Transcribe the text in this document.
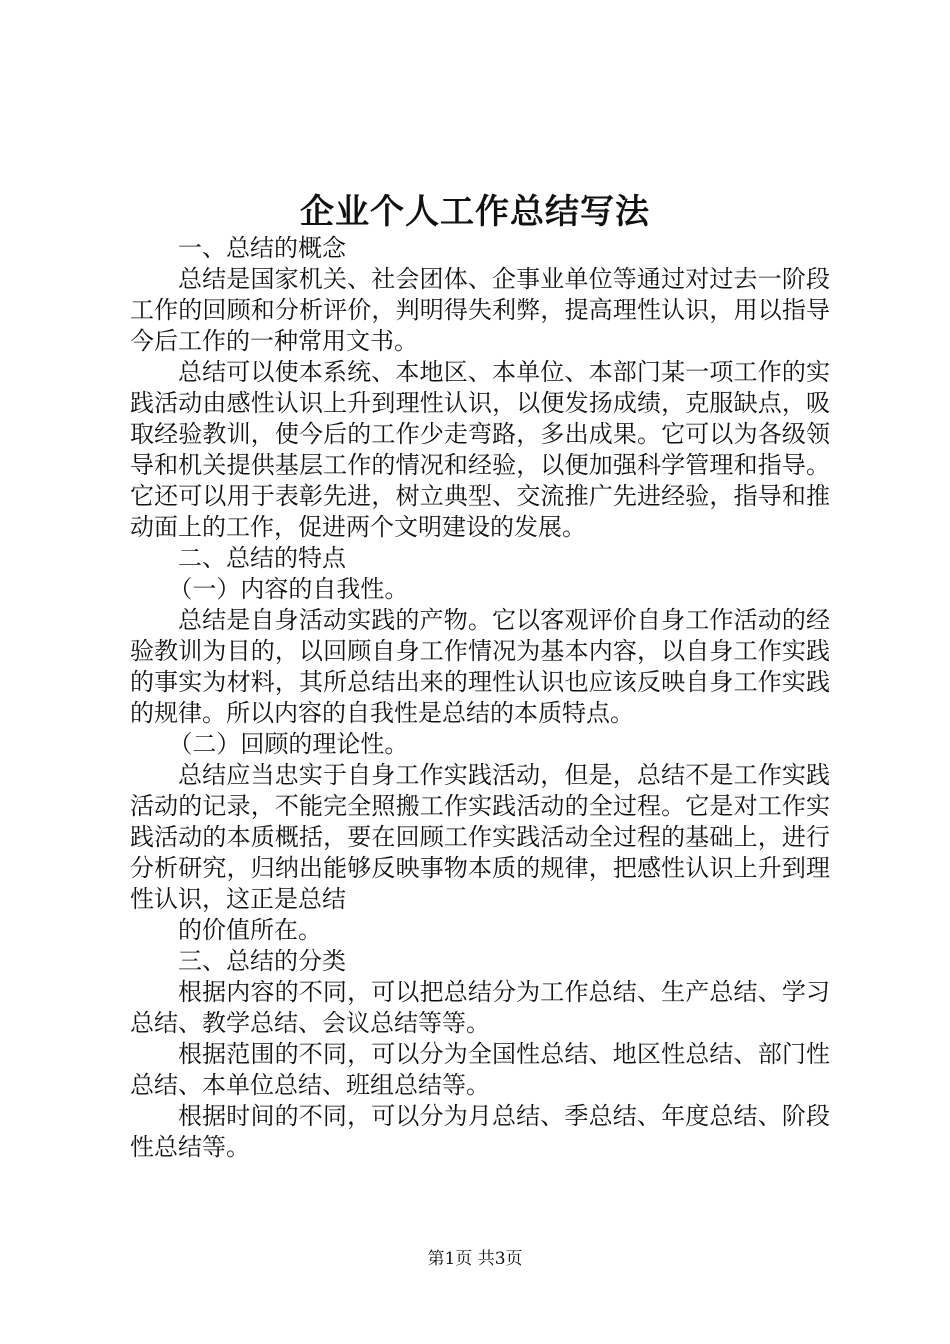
企业个人工作总结写法

一、总结的概念

总结是国家机关、社会团体、企事业单位等通过对过去一阶段工作的回顾和分析评价，判明得失利弊，提高理性认识，用以指导今后工作的一种常用文书。

总结可以使本系统、本地区、本单位、本部门某一项工作的实践活动由感性认识上升到理性认识，以便发扬成绩，克服缺点，吸取经验教训，使今后的工作少走弯路，多出成果。它可以为各级领导和机关提供基层工作的情况和经验，以便加强科学管理和指导。它还可以用于表彰先进，树立典型、交流推广先进经验，指导和推动面上的工作，促进两个文明建设的发展。

二、总结的特点

（一）内容的自我性。

总结是自身活动实践的产物。它以客观评价自身工作活动的经验教训为目的，以回顾自身工作情况为基本内容，以自身工作实践的事实为材料，其所总结出来的理性认识也应该反映自身工作实践的规律。所以内容的自我性是总结的本质特点。

（二）回顾的理论性。

总结应当忠实于自身工作实践活动，但是，总结不是工作实践活动的记录，不能完全照搬工作实践活动的全过程。它是对工作实践活动的本质概括，要在回顾工作实践活动全过程的基础上，进行分析研究，归纳出能够反映事物本质的规律，把感性认识上升到理性认识，这正是总结

的价值所在。

三、总结的分类

根据内容的不同，可以把总结分为工作总结、生产总结、学习总结、教学总结、会议总结等等。

根据范围的不同，可以分为全国性总结、地区性总结、部门性总结、本单位总结、班组总结等。

根据时间的不同，可以分为月总结、季总结、年度总结、阶段性总结等。

第1页 共3页
